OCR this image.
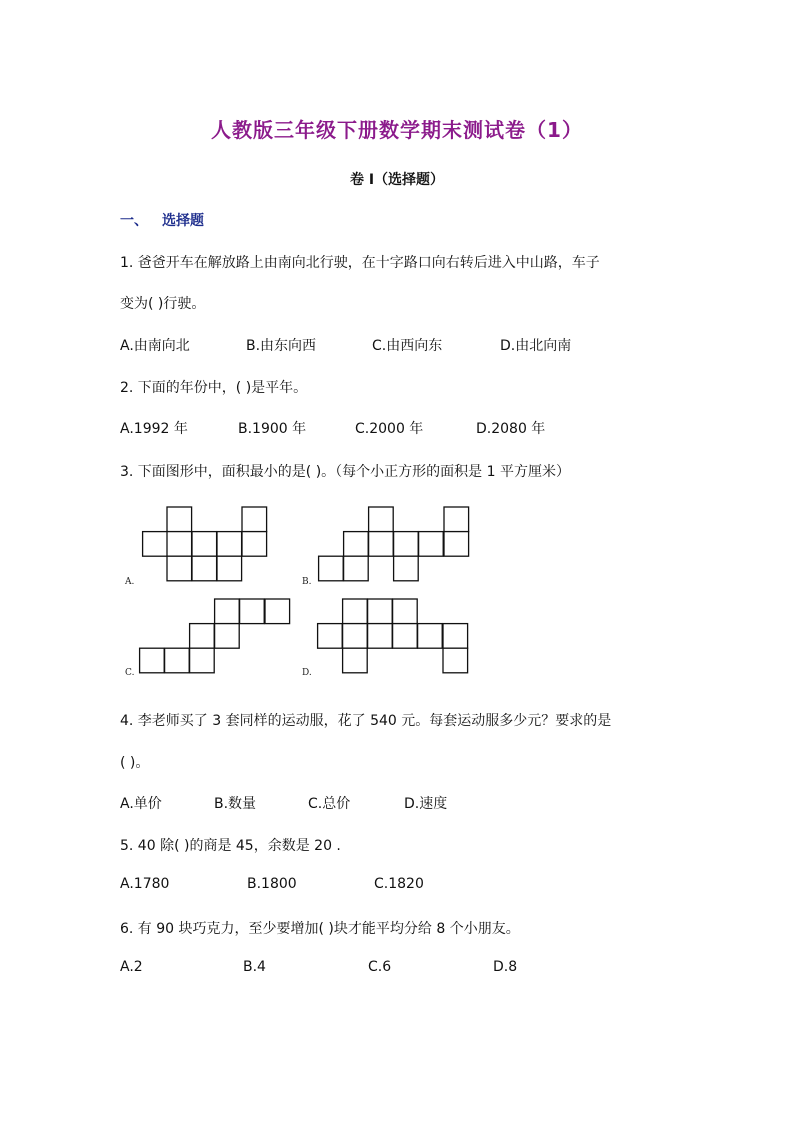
人教版三年级下册数学期末测试卷（1）
卷 I（选择题）
一、 选择题
1. 爸爸开车在解放路上由南向北行驶，在十字路口向右转后进入中山路，车子
变为( )行驶。
A.由南向北	B.由东向西	C.由西向东	D.由北向南
2. 下面的年份中，( )是平年。
A.1992 年	B.1900 年	C.2000 年	D.2080 年
3. 下面图形中，面积最小的是( )。（每个小正方形的面积是 1 平方厘米）
A.	B.
C.	D.
4. 李老师买了 3 套同样的运动服，花了 540 元。每套运动服多少元？要求的是
( )。
A.单价	B.数量	C.总价	D.速度
5. 40 除( )的商是 45，余数是 20 .
A.1780	B.1800	C.1820
6. 有 90 块巧克力，至少要增加( )块才能平均分给 8 个小朋友。
A.2	B.4	C.6	D.8
